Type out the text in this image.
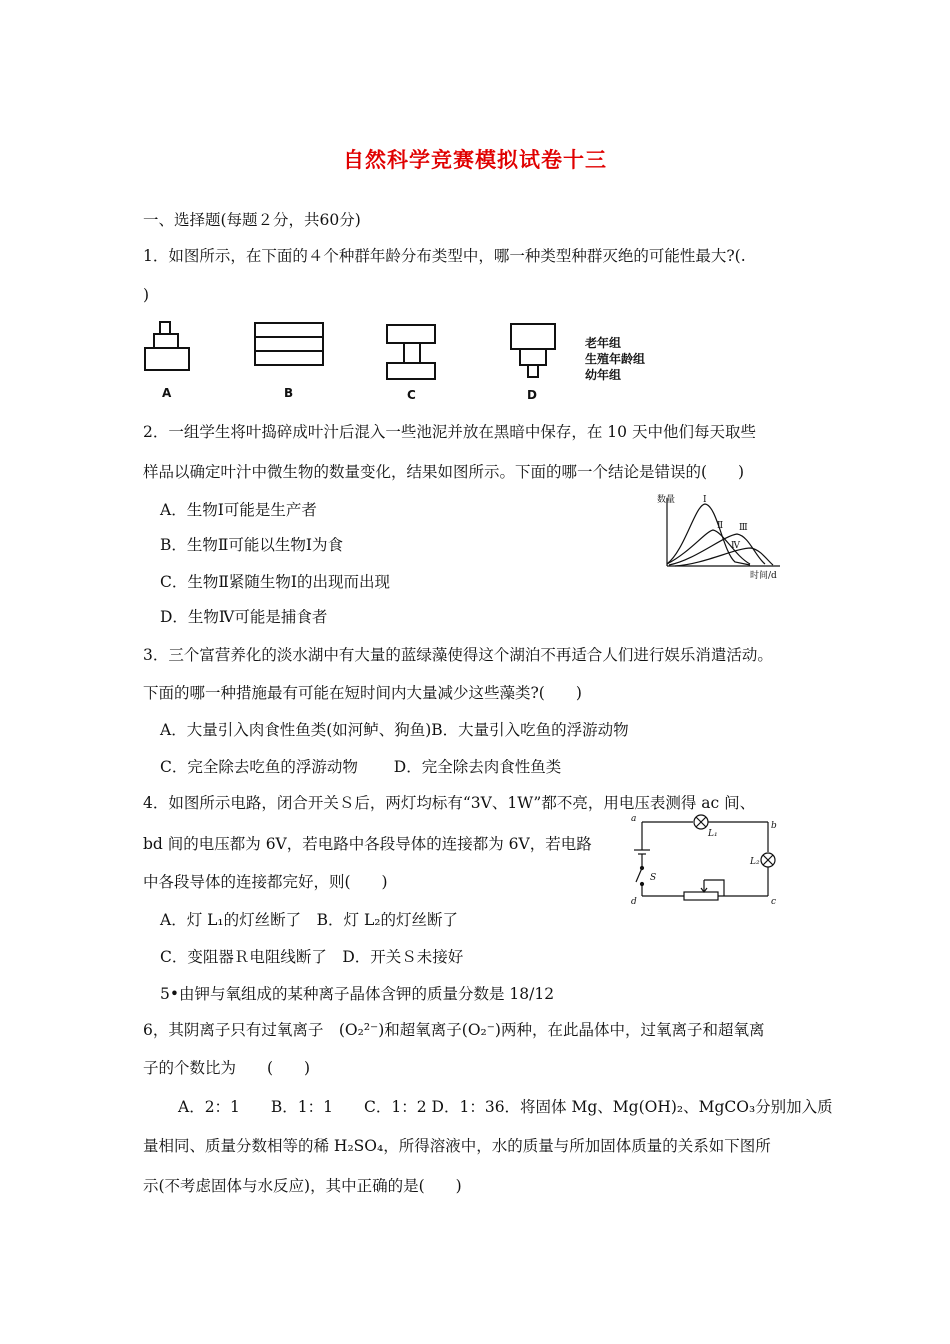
自然科学竞赛模拟试卷十三
一、选择题(每题２分，共60分)
1．如图所示，在下面的４个种群年龄分布类型中，哪一种类型种群灭绝的可能性最大?(.
)
A	B	C	D
老年组
生殖年龄组
幼年组
2．一组学生将叶捣碎成叶汁后混入一些池泥并放在黑暗中保存，在 10 天中他们每天取些
样品以确定叶汁中微生物的数量变化，结果如图所示。下面的哪一个结论是错误的(　　)
A．生物Ⅰ可能是生产者
B．生物Ⅱ可能以生物Ⅰ为食
C．生物Ⅱ紧随生物Ⅰ的出现而出现
D．生物Ⅳ可能是捕食者
数量
时间/d
Ⅰ
Ⅱ Ⅲ
Ⅳ
3．三个富营养化的淡水湖中有大量的蓝绿藻使得这个湖泊不再适合人们进行娱乐消遣活动。
下面的哪一种措施最有可能在短时间内大量减少这些藻类?(　　)
A．大量引入肉食性鱼类(如河鲈、狗鱼)B．大量引入吃鱼的浮游动物
C．完全除去吃鱼的浮游动物　　 D．完全除去肉食性鱼类
4．如图所示电路，闭合开关Ｓ后，两灯均标有“3V、1W”都不亮，用电压表测得 ac 间、
bd 间的电压都为 6V，若电路中各段导体的连接都为 6V，若电路
中各段导体的连接都完好，则(　　)
A．灯 L₁的灯丝断了　B．灯 L₂的灯丝断了
C．变阻器Ｒ电阻线断了　D．开关Ｓ未接好
a
b
c
d
L₁
L₂
S
5•由钾与氧组成的某种离子晶体含钾的质量分数是 18/12
6，其阴离子只有过氧离子　(O₂²⁻)和超氧离子(O₂⁻)两种，在此晶体中，过氧离子和超氧离
子的个数比为　　(　　)
A．2：1　　B．1：1　　C．1：2 D．1：36．将固体 Mg、Mg(OH)₂、MgCO₃分别加入质
量相同、质量分数相等的稀 H₂SO₄，所得溶液中，水的质量与所加固体质量的关系如下图所
示(不考虑固体与水反应)，其中正确的是(　　)
